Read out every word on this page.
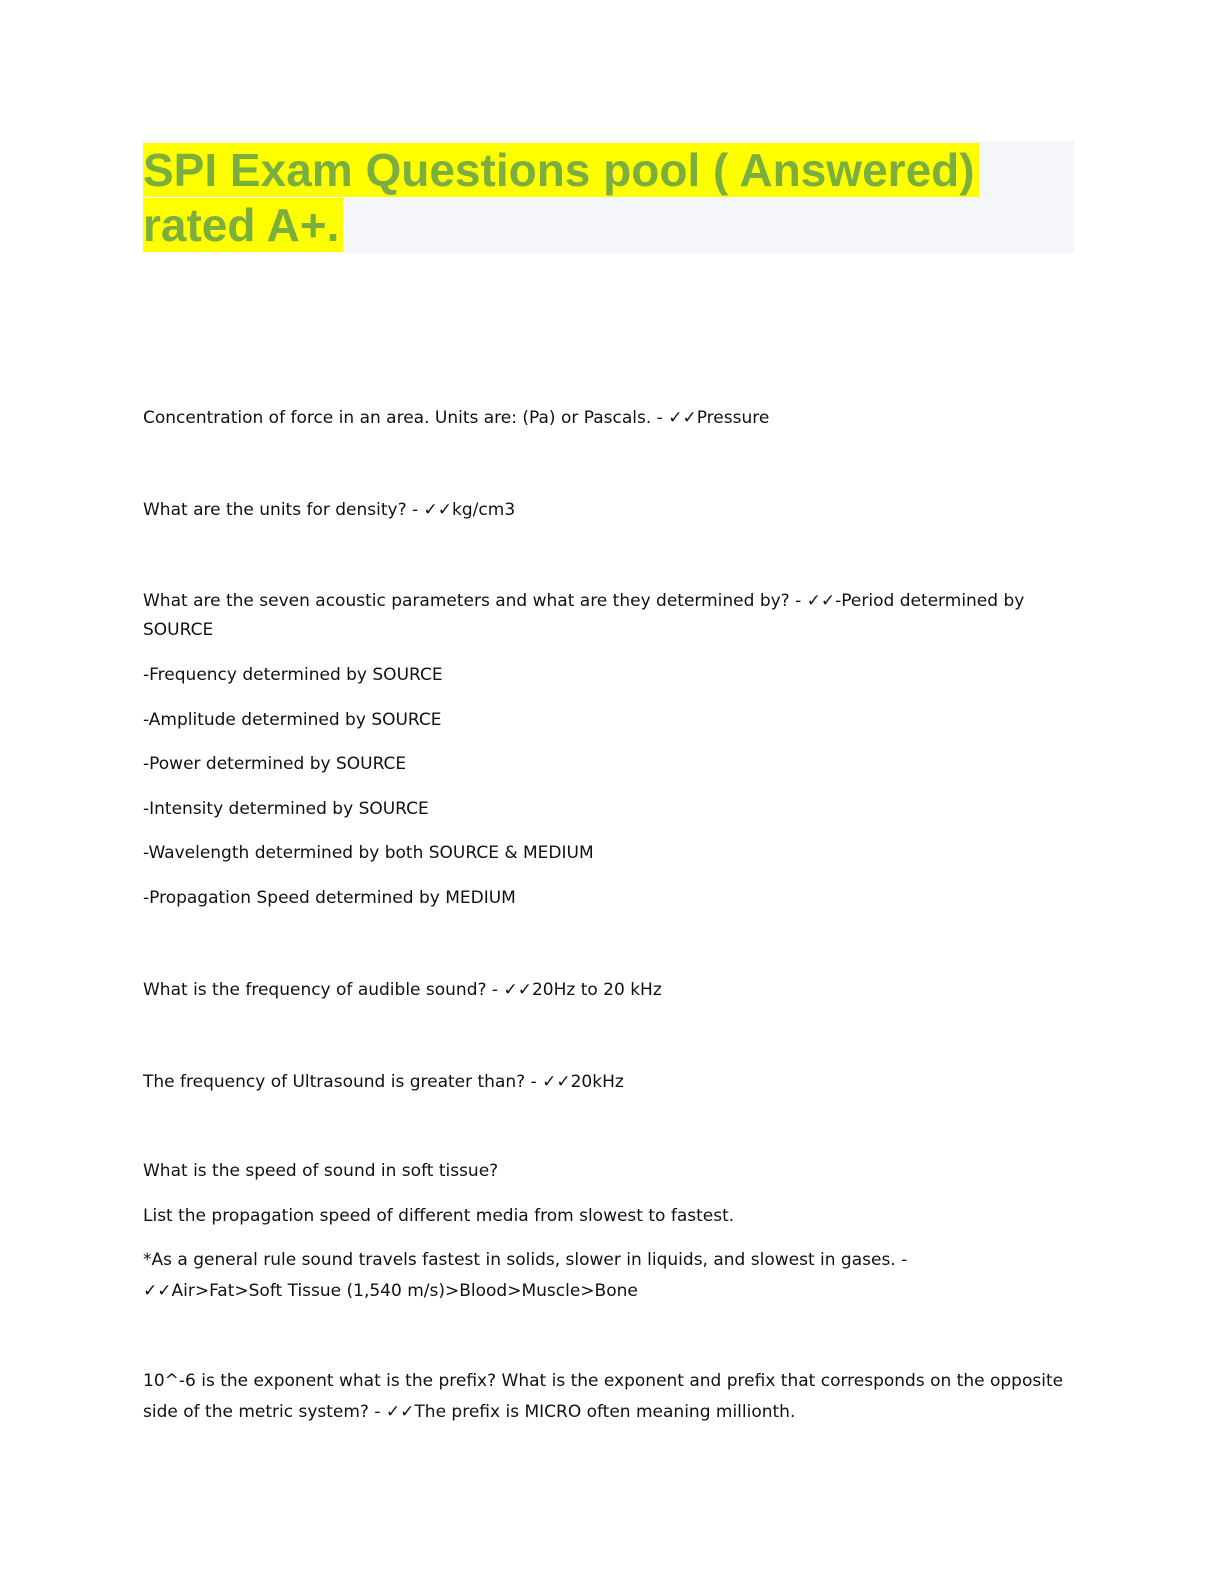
SPI Exam Questions pool ( Answered)
rated A+.

Concentration of force in an area. Units are: (Pa) or Pascals. - ✓✓Pressure

What are the units for density? - ✓✓kg/cm3

What are the seven acoustic parameters and what are they determined by? - ✓✓-Period determined by SOURCE

-Frequency determined by SOURCE

-Amplitude determined by SOURCE

-Power determined by SOURCE

-Intensity determined by SOURCE

-Wavelength determined by both SOURCE & MEDIUM

-Propagation Speed determined by MEDIUM

What is the frequency of audible sound? - ✓✓20Hz to 20 kHz

The frequency of Ultrasound is greater than? - ✓✓20kHz

What is the speed of sound in soft tissue?

List the propagation speed of different media from slowest to fastest.

*As a general rule sound travels fastest in solids, slower in liquids, and slowest in gases. -
✓✓Air>Fat>Soft Tissue (1,540 m/s)>Blood>Muscle>Bone

10^-6 is the exponent what is the prefix? What is the exponent and prefix that corresponds on the opposite side of the metric system? - ✓✓The prefix is MICRO often meaning millionth.
